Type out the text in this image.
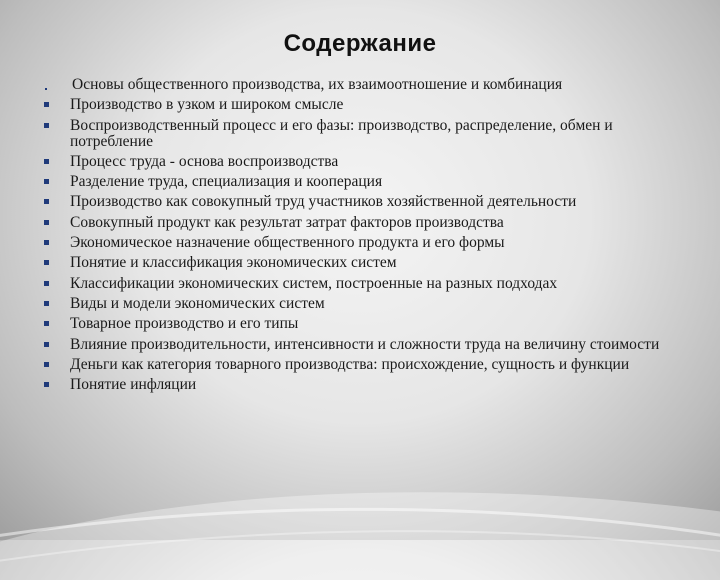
Содержание
Основы общественного производства, их взаимоотношение и комбинация
Производство в узком и широком смысле
Воспроизводственный процесс и его фазы: производство, распределение, обмен и потребление
Процесс труда - основа воспроизводства
Разделение труда, специализация и кооперация
Производство как совокупный труд участников хозяйственной деятельности
Совокупный продукт как результат затрат факторов производства
Экономическое назначение общественного продукта и его формы
Понятие и классификация экономических систем
Классификации экономических систем, построенные на разных подходах
Виды и модели экономических систем
Товарное производство и его типы
Влияние производительности, интенсивности и сложности труда на величину стоимости
Деньги как категория товарного производства: происхождение, сущность и функции
Понятие инфляции
